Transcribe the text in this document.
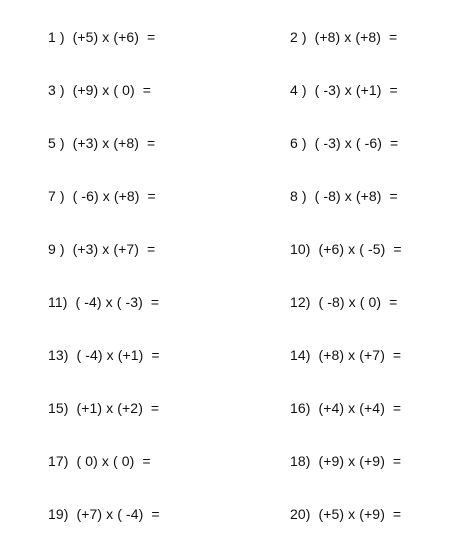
1 ) (+5) x (+6)  =
	2 ) (+8) x (+8)  =

3 ) (+9) x ( 0)  =
	4 ) ( -3) x (+1)  =

5 ) (+3) x (+8)  =
	6 ) ( -3) x ( -6)  =

7 ) ( -6) x (+8)  =
	8 ) ( -8) x (+8)  =

9 ) (+3) x (+7)  =
	10) (+6) x ( -5)  =

11) ( -4) x ( -3)  =
	12) ( -8) x ( 0)  =

13) ( -4) x (+1)  =
	14) (+8) x (+7)  =

15) (+1) x (+2)  =
	16) (+4) x (+4)  =

17) ( 0) x ( 0)  =
	18) (+9) x (+9)  =

19) (+7) x ( -4)  =
	20) (+5) x (+9)  =
